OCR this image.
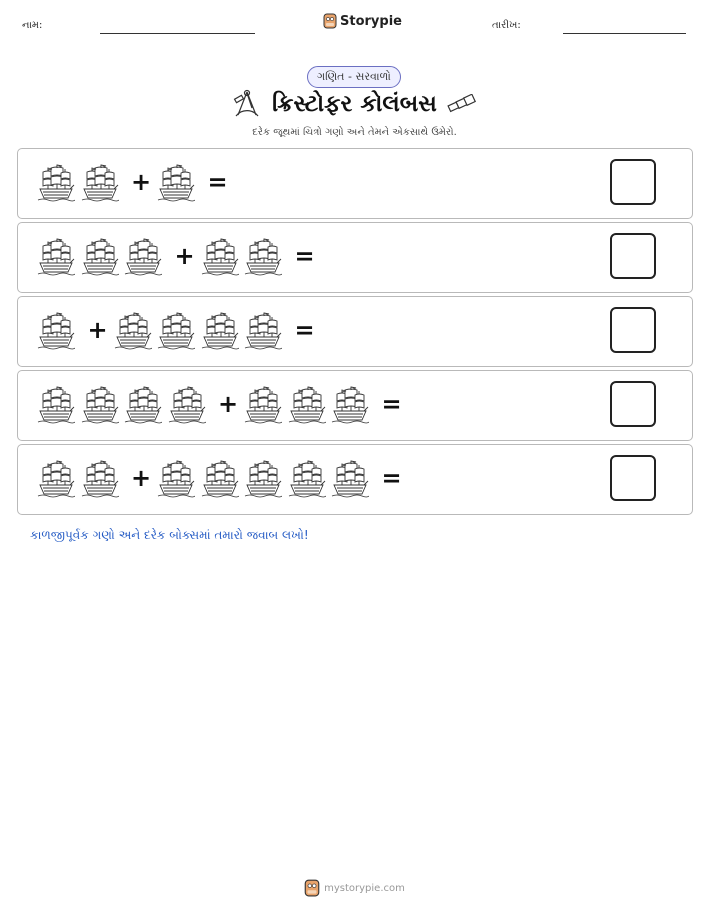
નામ:	Storypie	તારીખ:
ગણિત - સરવાળો
ક્રિસ્ટોફર કોલંબસ
દરેક જૂથમાં ચિત્રો ગણો અને તેમને એકસાથે ઉમેરો.
+ =
+	=
+	=
+	=
+	=
કાળજીપૂર્વક ગણો અને દરેક બોક્સમાં તમારો જવાબ લખો!
mystorypie.com
